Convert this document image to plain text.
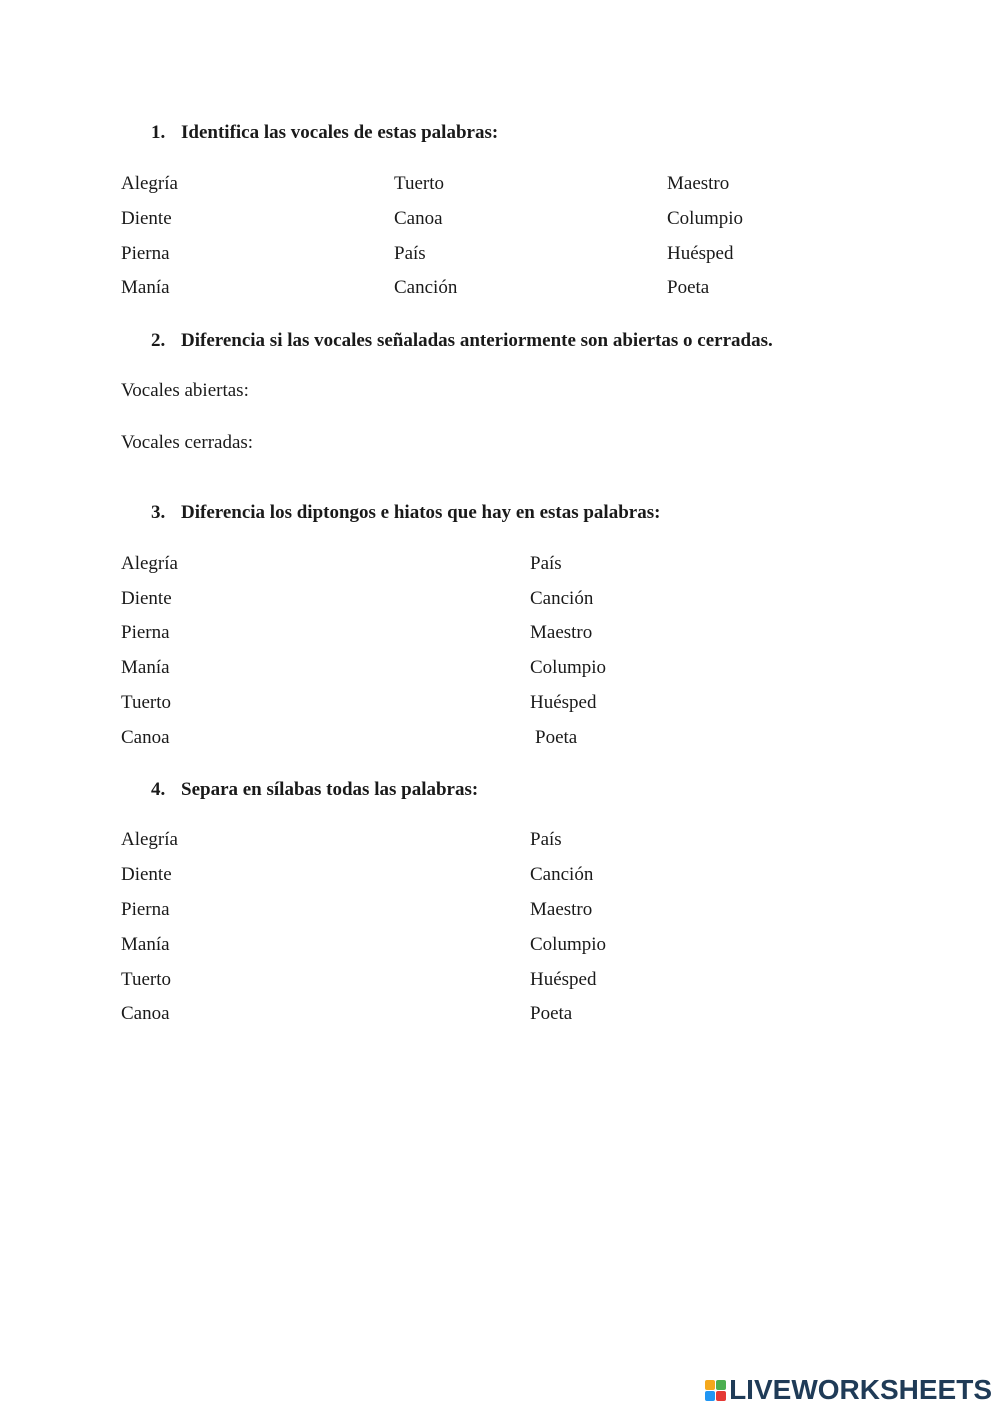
1. Identifica las vocales de estas palabras:
Alegría
Diente
Pierna
Manía
Tuerto
Canoa
País
Canción
Maestro
Columpio
Huésped
Poeta
2. Diferencia si las vocales señaladas anteriormente son abiertas o cerradas.
Vocales abiertas:
Vocales cerradas:
3. Diferencia los diptongos e hiatos que hay en estas palabras:
Alegría
Diente
Pierna
Manía
Tuerto
Canoa
País
Canción
Maestro
Columpio
Huésped
Poeta
4. Separa en sílabas todas las palabras:
Alegría
Diente
Pierna
Manía
Tuerto
Canoa
País
Canción
Maestro
Columpio
Huésped
Poeta
LIVEWORKSHEETS
